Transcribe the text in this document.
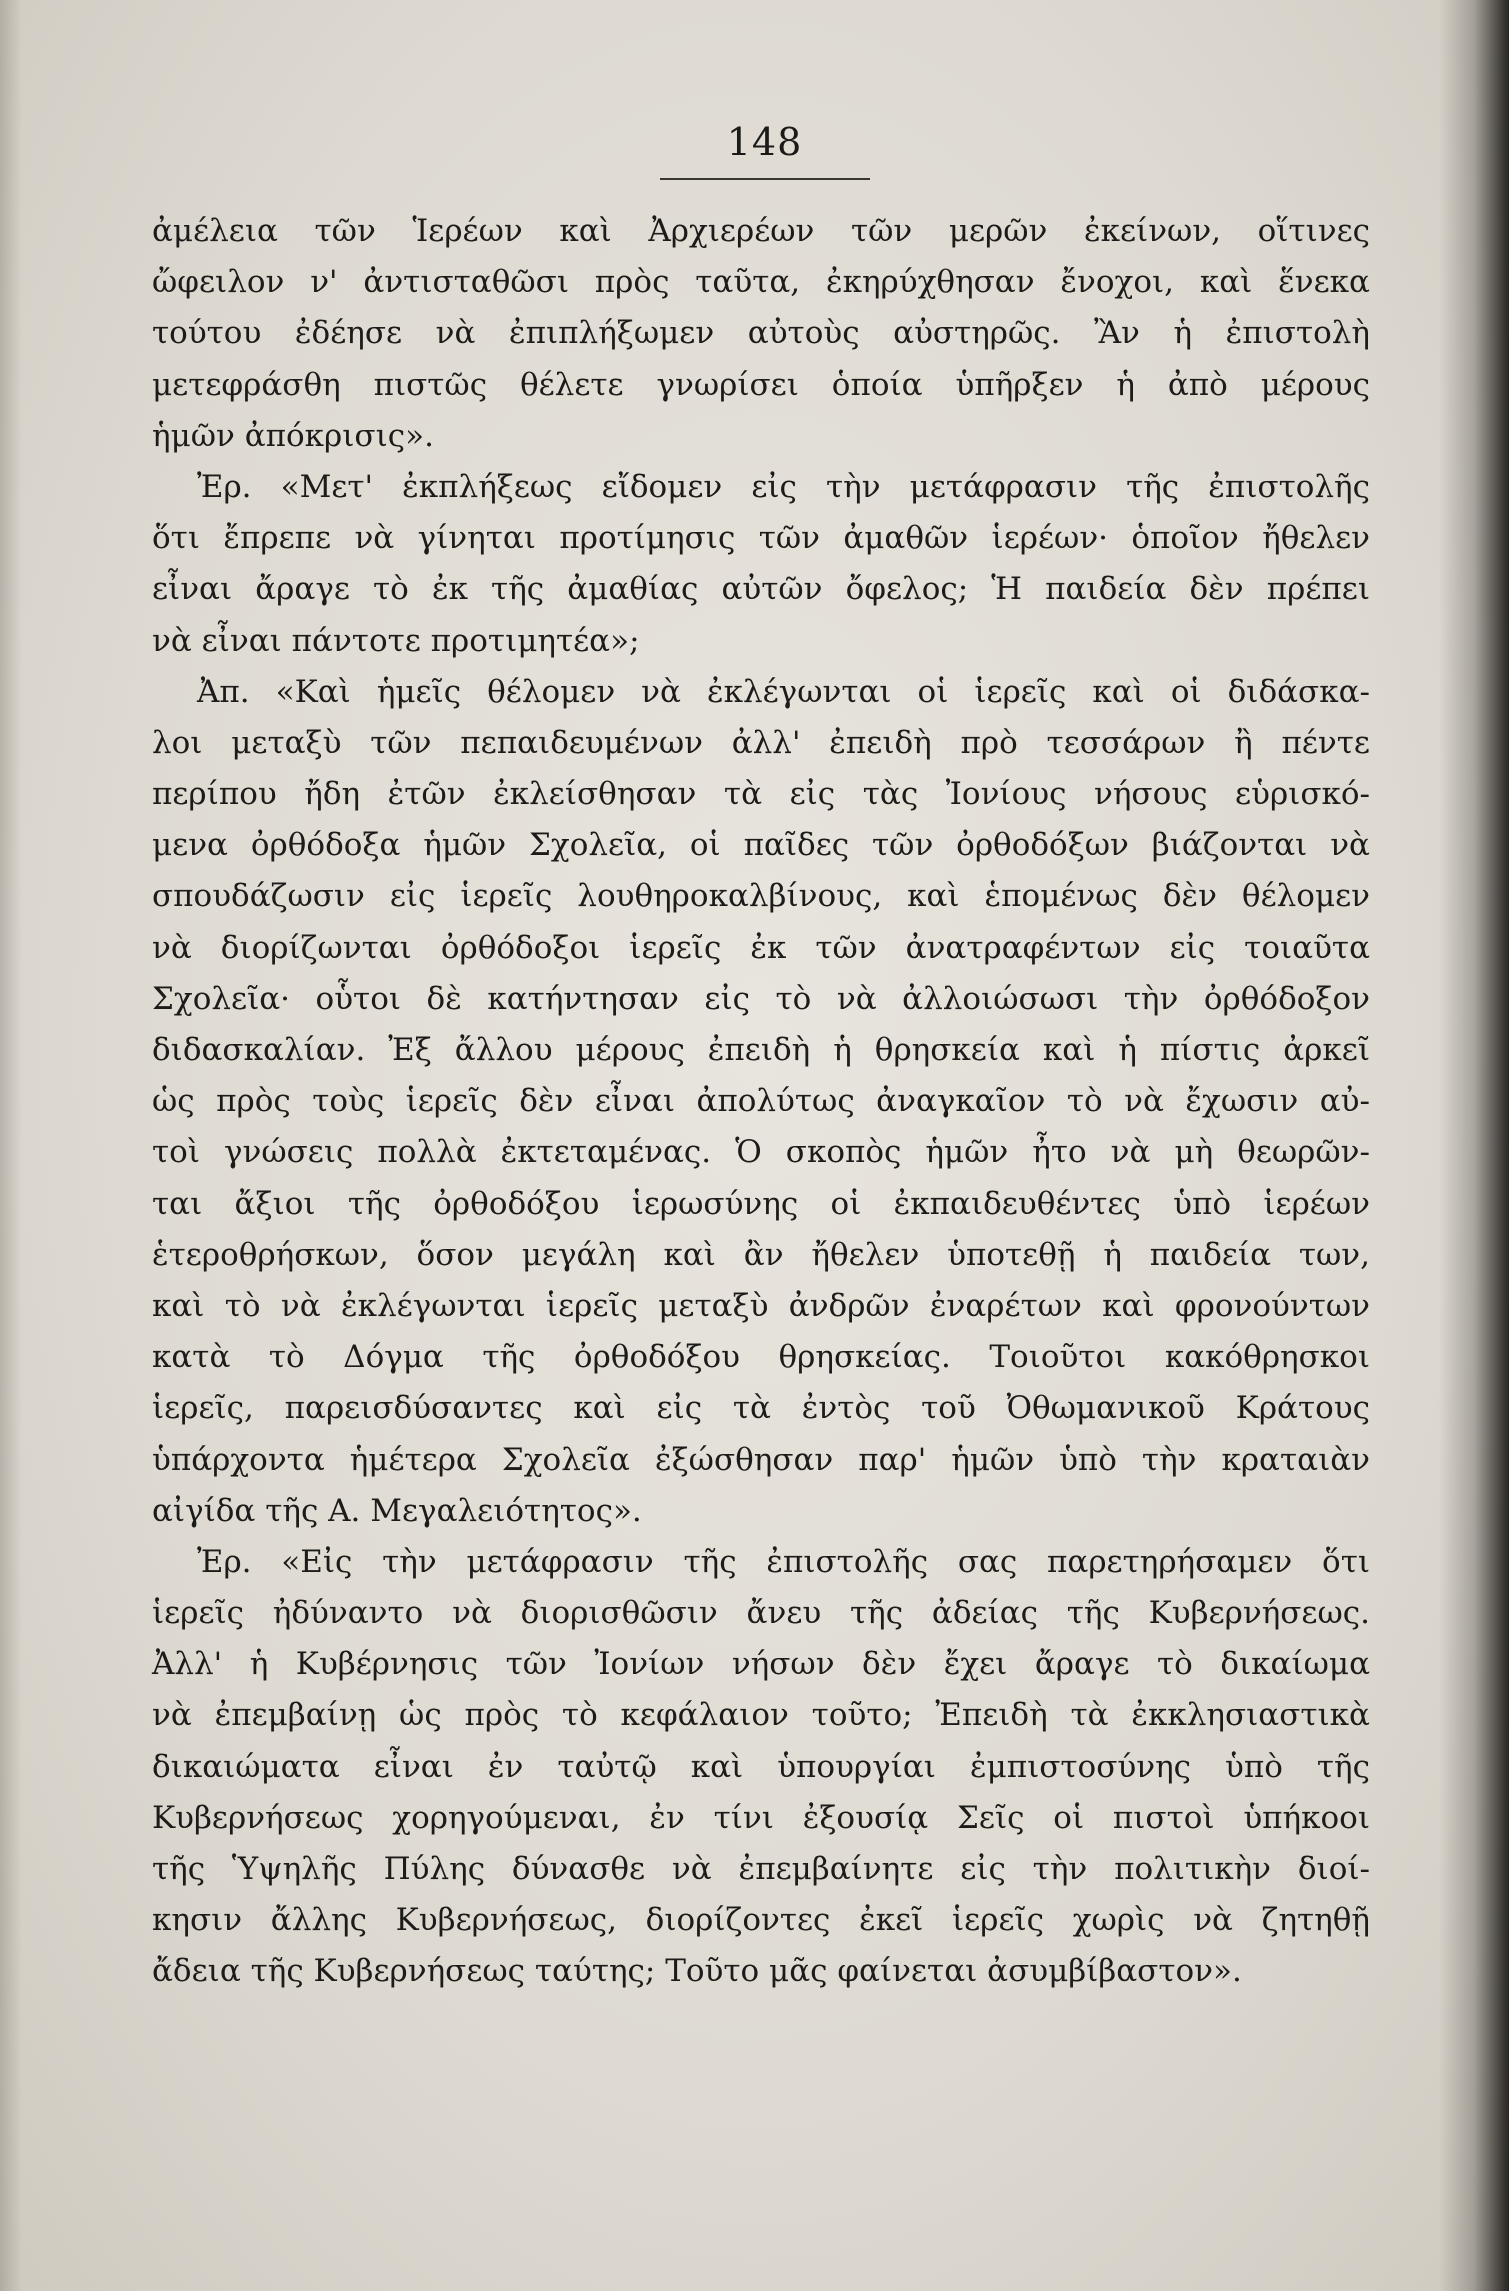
148
ἀμέλεια τῶν Ἱερέων καὶ Ἀρχιερέων τῶν μερῶν ἐκείνων, οἵτινες
ὤφειλον ν' ἀντισταθῶσι πρὸς ταῦτα, ἐκηρύχθησαν ἔνοχοι, καὶ ἕνεκα
τούτου ἐδέησε νὰ ἐπιπλήξωμεν αὐτοὺς αὐστηρῶς. Ἂν ἡ ἐπιστολὴ
μετεφράσθη πιστῶς θέλετε γνωρίσει ὁποία ὑπῆρξεν ἡ ἀπὸ μέρους
ἡμῶν ἀπόκρισις».
Ἐρ. «Μετ' ἐκπλήξεως εἴδομεν εἰς τὴν μετάφρασιν τῆς ἐπιστολῆς
ὅτι ἔπρεπε νὰ γίνηται προτίμησις τῶν ἀμαθῶν ἱερέων· ὁποῖον ἤθελεν
εἶναι ἄραγε τὸ ἐκ τῆς ἀμαθίας αὐτῶν ὄφελος; Ἡ παιδεία δὲν πρέπει
νὰ εἶναι πάντοτε προτιμητέα»;
Ἀπ. «Καὶ ἡμεῖς θέλομεν νὰ ἐκλέγωνται οἱ ἱερεῖς καὶ οἱ διδάσκα-
λοι μεταξὺ τῶν πεπαιδευμένων ἀλλ' ἐπειδὴ πρὸ τεσσάρων ἢ πέντε
περίπου ἤδη ἐτῶν ἐκλείσθησαν τὰ εἰς τὰς Ἰονίους νήσους εὑρισκό-
μενα ὀρθόδοξα ἡμῶν Σχολεῖα, οἱ παῖδες τῶν ὀρθοδόξων βιάζονται νὰ
σπουδάζωσιν εἰς ἱερεῖς λουθηροκαλβίνους, καὶ ἑπομένως δὲν θέλομεν
νὰ διορίζωνται ὀρθόδοξοι ἱερεῖς ἐκ τῶν ἀνατραφέντων εἰς τοιαῦτα
Σχολεῖα· οὗτοι δὲ κατήντησαν εἰς τὸ νὰ ἀλλοιώσωσι τὴν ὀρθόδοξον
διδασκαλίαν. Ἐξ ἄλλου μέρους ἐπειδὴ ἡ θρησκεία καὶ ἡ πίστις ἀρκεῖ
ὡς πρὸς τοὺς ἱερεῖς δὲν εἶναι ἀπολύτως ἀναγκαῖον τὸ νὰ ἔχωσιν αὐ-
τοὶ γνώσεις πολλὰ ἐκτεταμένας. Ὁ σκοπὸς ἡμῶν ἦτο νὰ μὴ θεωρῶν-
ται ἄξιοι τῆς ὀρθοδόξου ἱερωσύνης οἱ ἐκπαιδευθέντες ὑπὸ ἱερέων
ἑτεροθρήσκων, ὅσον μεγάλη καὶ ἂν ἤθελεν ὑποτεθῇ ἡ παιδεία των,
καὶ τὸ νὰ ἐκλέγωνται ἱερεῖς μεταξὺ ἀνδρῶν ἐναρέτων καὶ φρονούντων
κατὰ τὸ Δόγμα τῆς ὀρθοδόξου θρησκείας. Τοιοῦτοι κακόθρησκοι
ἱερεῖς, παρεισδύσαντες καὶ εἰς τὰ ἐντὸς τοῦ Ὀθωμανικοῦ Κράτους
ὑπάρχοντα ἡμέτερα Σχολεῖα ἐξώσθησαν παρ' ἡμῶν ὑπὸ τὴν κραταιὰν
αἰγίδα τῆς Α. Μεγαλειότητος».
Ἐρ. «Εἰς τὴν μετάφρασιν τῆς ἐπιστολῆς σας παρετηρήσαμεν ὅτι
ἱερεῖς ἠδύναντο νὰ διορισθῶσιν ἄνευ τῆς ἀδείας τῆς Κυβερνήσεως.
Ἀλλ' ἡ Κυβέρνησις τῶν Ἰονίων νήσων δὲν ἔχει ἄραγε τὸ δικαίωμα
νὰ ἐπεμβαίνῃ ὡς πρὸς τὸ κεφάλαιον τοῦτο; Ἐπειδὴ τὰ ἐκκλησιαστικὰ
δικαιώματα εἶναι ἐν ταὐτῷ καὶ ὑπουργίαι ἐμπιστοσύνης ὑπὸ τῆς
Κυβερνήσεως χορηγούμεναι, ἐν τίνι ἐξουσίᾳ Σεῖς οἱ πιστοὶ ὑπήκοοι
τῆς Ὑψηλῆς Πύλης δύνασθε νὰ ἐπεμβαίνητε εἰς τὴν πολιτικὴν διοί-
κησιν ἄλλης Κυβερνήσεως, διορίζοντες ἐκεῖ ἱερεῖς χωρὶς νὰ ζητηθῇ
ἄδεια τῆς Κυβερνήσεως ταύτης; Τοῦτο μᾶς φαίνεται ἀσυμβίβαστον».
